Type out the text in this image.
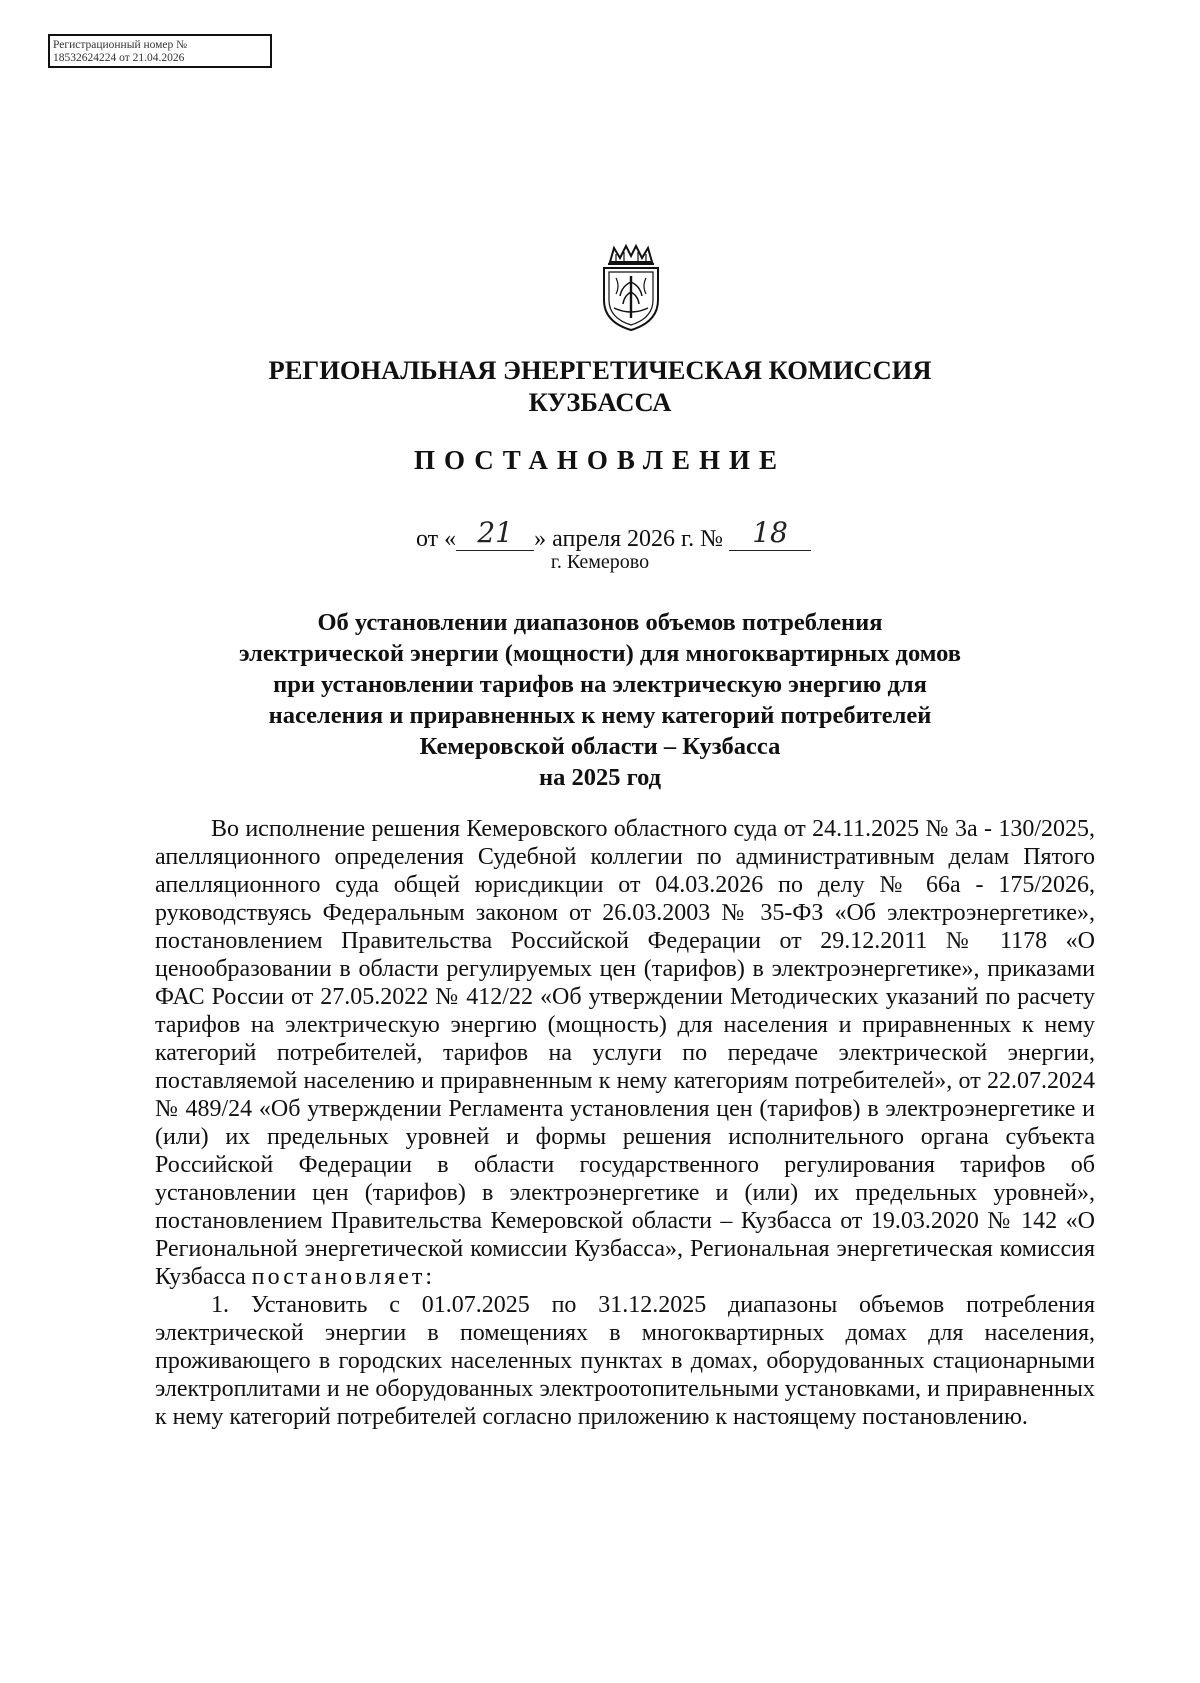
Регистрационный номер №
18532624224 от 21.04.2026
РЕГИОНАЛЬНАЯ ЭНЕРГЕТИЧЕСКАЯ КОМИССИЯ
КУЗБАССА
ПОСТАНОВЛЕНИЕ
от « 21 » апреля 2026 г. № 18
г. Кемерово
Об установлении диапазонов объемов потребления
электрической энергии (мощности) для многоквартирных домов
при установлении тарифов на электрическую энергию для
населения и приравненных к нему категорий потребителей
Кемеровской области – Кузбасса
на 2025 год

Во исполнение решения Кемеровского областного суда от 24.11.2025 № 3а - 130/2025, апелляционного определения Судебной коллегии по административным делам Пятого апелляционного суда общей юрисдикции от 04.03.2026 по делу № 66а - 175/2026, руководствуясь Федеральным законом от 26.03.2003 № 35-ФЗ «Об электроэнергетике», постановлением Правительства Российской Федерации от 29.12.2011 № 1178 «О ценообразовании в области регулируемых цен (тарифов) в электроэнергетике», приказами ФАС России от 27.05.2022 № 412/22 «Об утверждении Методических указаний по расчету тарифов на электрическую энергию (мощность) для населения и приравненных к нему категорий потребителей, тарифов на услуги по передаче электрической энергии, поставляемой населению и приравненным к нему категориям потребителей», от 22.07.2024 № 489/24 «Об утверждении Регламента установления цен (тарифов) в электроэнергетике и (или) их предельных уровней и формы решения исполнительного органа субъекта Российской Федерации в области государственного регулирования тарифов об установлении цен (тарифов) в электроэнергетике и (или) их предельных уровней», постановлением Правительства Кемеровской области – Кузбасса от 19.03.2020 № 142 «О Региональной энергетической комиссии Кузбасса», Региональная энергетическая комиссия Кузбасса постановляет:

1. Установить с 01.07.2025 по 31.12.2025 диапазоны объемов потребления электрической энергии в помещениях в многоквартирных домах для населения, проживающего в городских населенных пунктах в домах, оборудованных стационарными электроплитами и не оборудованных электроотопительными установками, и приравненных к нему категорий потребителей согласно приложению к настоящему постановлению.
